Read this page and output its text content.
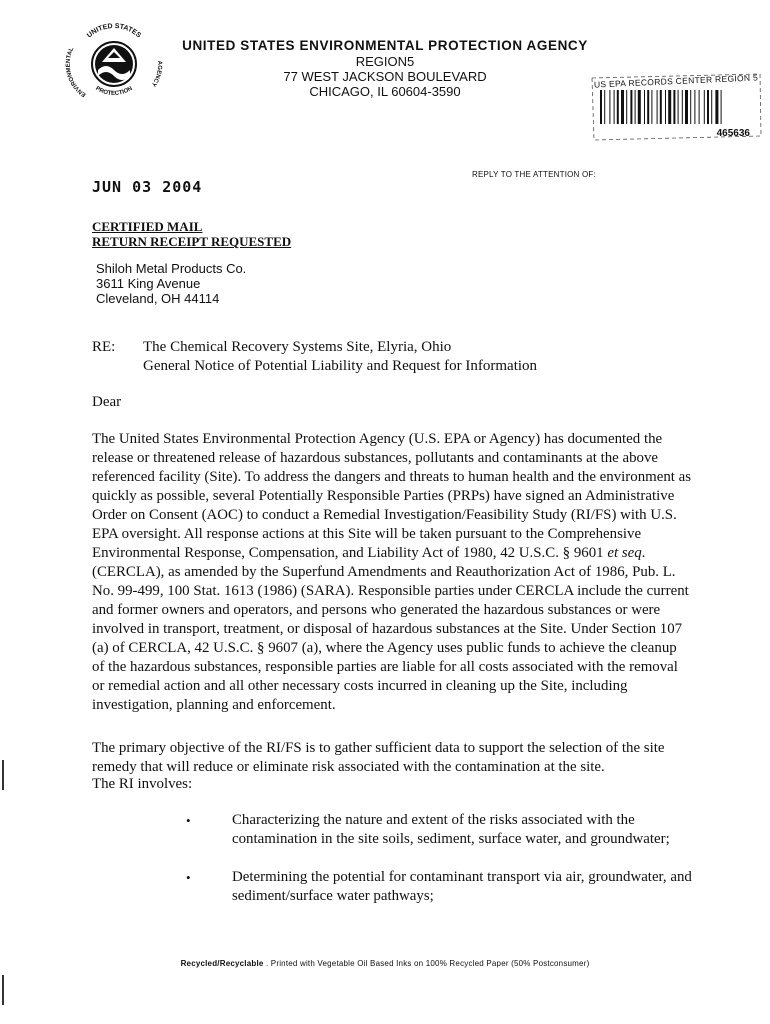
UNITED STATES
ENVIRONMENTAL
AGENCY
PROTECTION
UNITED STATES ENVIRONMENTAL PROTECTION AGENCY
REGION5
77 WEST JACKSON BOULEVARD
CHICAGO, IL 60604-3590
US EPA RECORDS CENTER REGION 5
465636
REPLY TO THE ATTENTION OF:
JUN 03 2004
CERTIFIED MAIL
RETURN RECEIPT REQUESTED
Shiloh Metal Products Co.
3611 King Avenue
Cleveland, OH 44114
RE: The Chemical Recovery Systems Site, Elyria, Ohio
General Notice of Potential Liability and Request for Information
Dear
The United States Environmental Protection Agency (U.S. EPA or Agency) has documented the release or threatened release of hazardous substances, pollutants and contaminants at the above referenced facility (Site). To address the dangers and threats to human health and the environment as quickly as possible, several Potentially Responsible Parties (PRPs) have signed an Administrative Order on Consent (AOC) to conduct a Remedial Investigation/Feasibility Study (RI/FS) with U.S. EPA oversight. All response actions at this Site will be taken pursuant to the Comprehensive Environmental Response, Compensation, and Liability Act of 1980, 42 U.S.C. § 9601 et seq. (CERCLA), as amended by the Superfund Amendments and Reauthorization Act of 1986, Pub. L. No. 99-499, 100 Stat. 1613 (1986) (SARA). Responsible parties under CERCLA include the current and former owners and operators, and persons who generated the hazardous substances or were involved in transport, treatment, or disposal of hazardous substances at the Site. Under Section 107 (a) of CERCLA, 42 U.S.C. § 9607 (a), where the Agency uses public funds to achieve the cleanup of the hazardous substances, responsible parties are liable for all costs associated with the removal or remedial action and all other necessary costs incurred in cleaning up the Site, including investigation, planning and enforcement.
The primary objective of the RI/FS is to gather sufficient data to support the selection of the site remedy that will reduce or eliminate risk associated with the contamination at the site.
The RI involves:
•	Characterizing the nature and extent of the risks associated with the contamination in the site soils, sediment, surface water, and groundwater;
•	Determining the potential for contaminant transport via air, groundwater, and sediment/surface water pathways;
Recycled/Recyclable . Printed with Vegetable Oil Based Inks on 100% Recycled Paper (50% Postconsumer)
